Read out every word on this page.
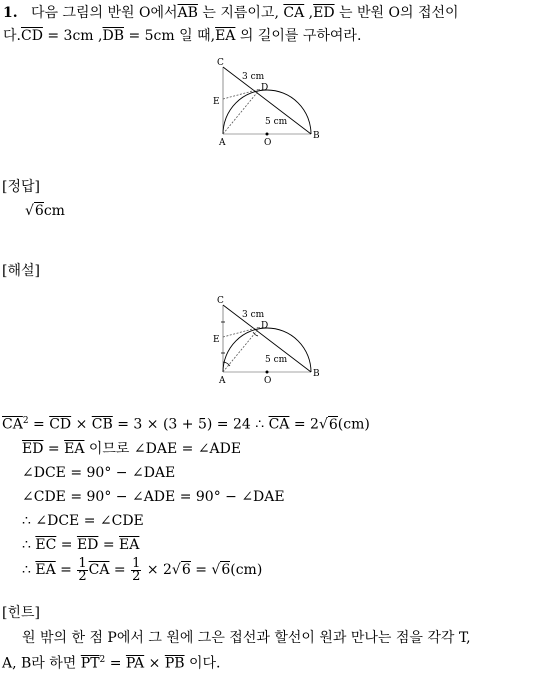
1. 다음 그림의 반원 O에서$\overline{AB}$ 는 지름이고, $\overline{CA}$ $,\overline{ED}$ 는 반원 O의 접선이
다$.\overline{CD} = 3cm$ $,\overline{DB} = 5cm$ 일 때$,\overline{EA}$ 의 길이를 구하여라.
C
D
E
A	O
B
3 cm
5 cm
[정답]
√6cm
[해설]
C
D
E
A	O
B
3 cm
5 cm
$\overline{CA}^2 = \overline{CD} \times \overline{CB} = 3 \times (3 + 5) = 24$ ∴ $\overline{CA} = 2√6(cm)$
$\overline{ED} = \overline{EA}$ 이므로 ∠DAE = ∠ADE
∠DCE = 90° − ∠DAE
∠CDE = 90° − ∠ADE = 90° − ∠DAE
∴ ∠DCE = ∠CDE
∴ $\overline{EC} = \overline{ED} = \overline{EA}$
∴ $\overline{EA} = \frac{1}{2} \overline{CA} = \frac{1}{2} \times 2√6 = √6(cm)$
[힌트]
원 밖의 한 점 P에서 그 원에 그은 접선과 할선이 원과 만나는 점을 각각 T,
A, B라 하면 $\overline{PT}^2 = \overline{PA} \times \overline{PB}$ 이다.
